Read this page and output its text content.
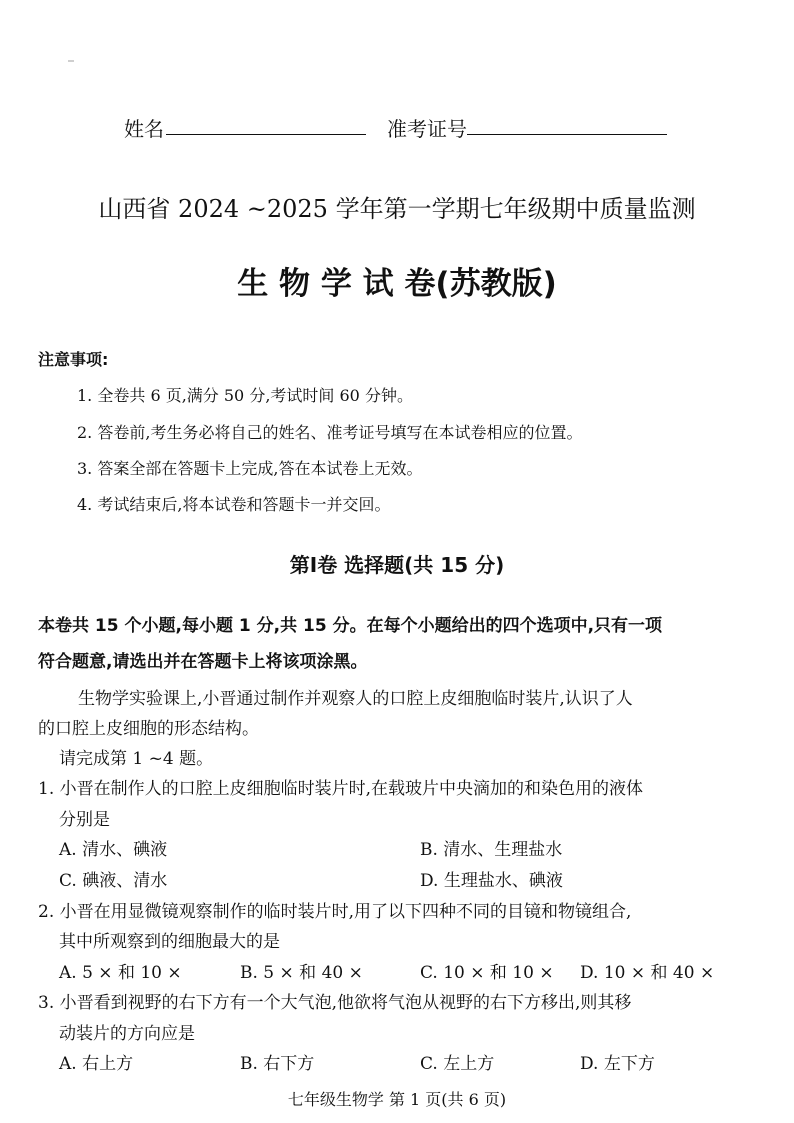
姓名	准考证号
山西省 2024 ~2025 学年第一学期七年级期中质量监测
生 物 学 试 卷(苏教版)
注意事项:
1. 全卷共 6 页,满分 50 分,考试时间 60 分钟。
2. 答卷前,考生务必将自己的姓名、准考证号填写在本试卷相应的位置。
3. 答案全部在答题卡上完成,答在本试卷上无效。
4. 考试结束后,将本试卷和答题卡一并交回。
第Ⅰ卷 选择题(共 15 分)
本卷共 15 个小题,每小题 1 分,共 15 分。在每个小题给出的四个选项中,只有一项
符合题意,请选出并在答题卡上将该项涂黑。
生物学实验课上,小晋通过制作并观察人的口腔上皮细胞临时装片,认识了人
的口腔上皮细胞的形态结构。
请完成第 1 ~4 题。
1. 小晋在制作人的口腔上皮细胞临时装片时,在载玻片中央滴加的和染色用的液体
分别是
A. 清水、碘液	B. 清水、生理盐水
C. 碘液、清水	D. 生理盐水、碘液
2. 小晋在用显微镜观察制作的临时装片时,用了以下四种不同的目镜和物镜组合,
其中所观察到的细胞最大的是
A. 5 × 和 10 ×	B. 5 × 和 40 ×	C. 10 × 和 10 × D. 10 × 和 40 ×
3. 小晋看到视野的右下方有一个大气泡,他欲将气泡从视野的右下方移出,则其移
动装片的方向应是
A. 右上方	B. 右下方	C. 左上方	D. 左下方
七年级生物学 第 1 页(共 6 页)
